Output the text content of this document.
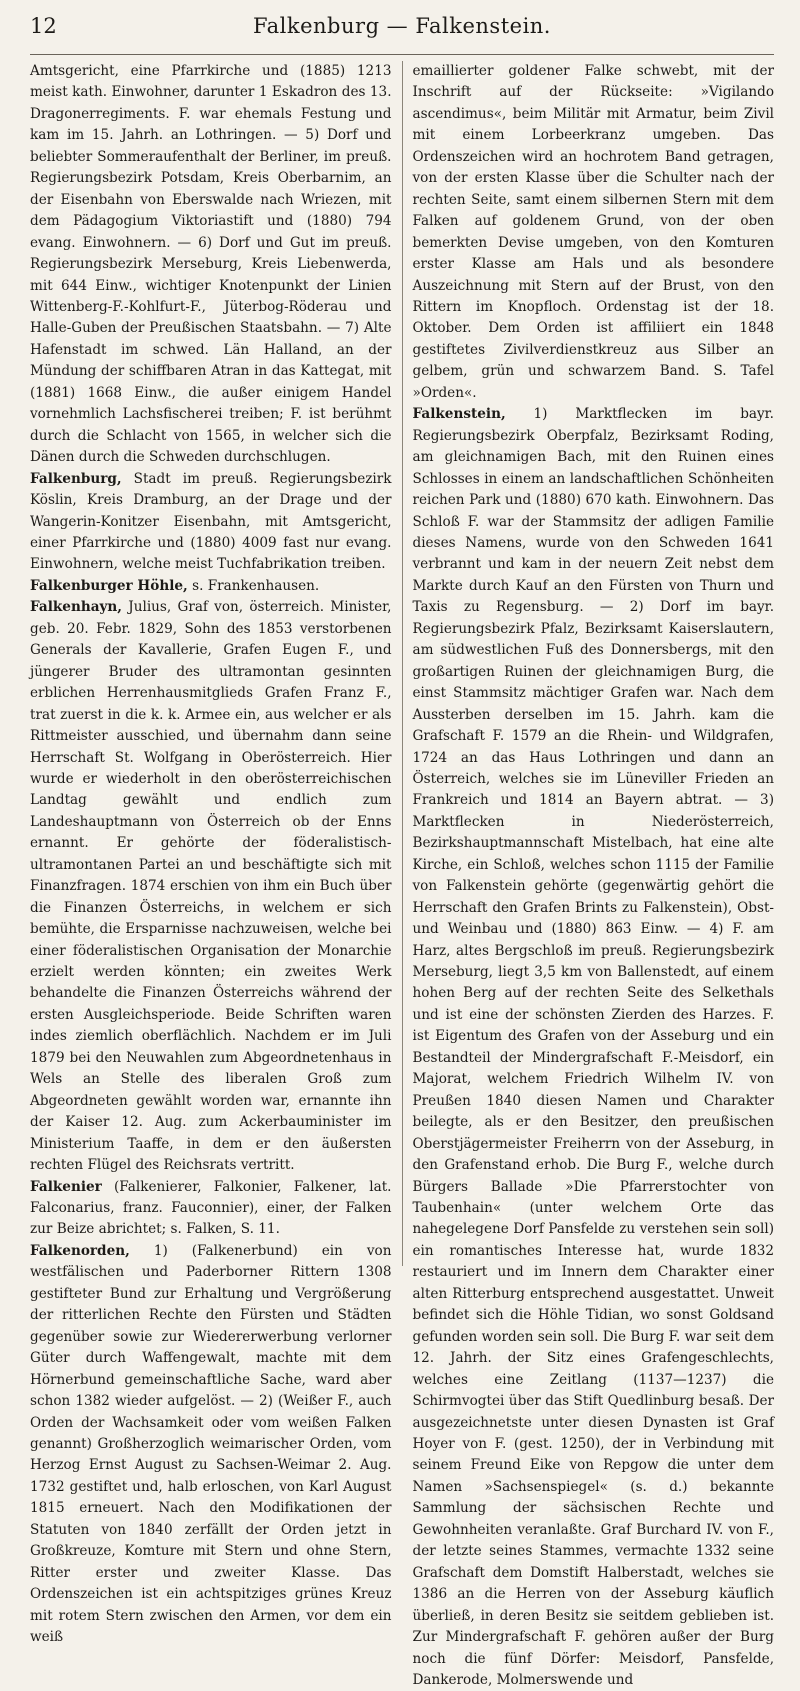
12	Falkenburg — Falkenstein.

Amtsgericht, eine Pfarrkirche und (1885) 1213 meist kath. Einwohner, darunter 1 Eskadron des 13. Dragonerregiments. F. war ehemals Festung und kam im 15. Jahrh. an Lothringen. — 5) Dorf und beliebter Sommeraufenthalt der Berliner, im preuß. Regierungsbezirk Potsdam, Kreis Oberbarnim, an der Eisenbahn von Eberswalde nach Wriezen, mit dem Pädagogium Viktoriastift und (1880) 794 evang. Einwohnern. — 6) Dorf und Gut im preuß. Regierungsbezirk Merseburg, Kreis Liebenwerda, mit 644 Einw., wichtiger Knotenpunkt der Linien Wittenberg-F.-Kohlfurt-F., Jüterbog-Röderau und Halle-Guben der Preußischen Staatsbahn. — 7) Alte Hafenstadt im schwed. Län Halland, an der Mündung der schiffbaren Atran in das Kattegat, mit (1881) 1668 Einw., die außer einigem Handel vornehmlich Lachsfischerei treiben; F. ist berühmt durch die Schlacht von 1565, in welcher sich die Dänen durch die Schweden durchschlugen.

Falkenburg, Stadt im preuß. Regierungsbezirk Köslin, Kreis Dramburg, an der Drage und der Wangerin-Konitzer Eisenbahn, mit Amtsgericht, einer Pfarrkirche und (1880) 4009 fast nur evang. Einwohnern, welche meist Tuchfabrikation treiben.

Falkenburger Höhle, s. Frankenhausen.

Falkenhayn, Julius, Graf von, österreich. Minister, geb. 20. Febr. 1829, Sohn des 1853 verstorbenen Generals der Kavallerie, Grafen Eugen F., und jüngerer Bruder des ultramontan gesinnten erblichen Herrenhausmitglieds Grafen Franz F., trat zuerst in die k. k. Armee ein, aus welcher er als Rittmeister ausschied, und übernahm dann seine Herrschaft St. Wolfgang in Oberösterreich. Hier wurde er wiederholt in den oberösterreichischen Landtag gewählt und endlich zum Landeshauptmann von Österreich ob der Enns ernannt. Er gehörte der föderalistisch-ultramontanen Partei an und beschäftigte sich mit Finanzfragen. 1874 erschien von ihm ein Buch über die Finanzen Österreichs, in welchem er sich bemühte, die Ersparnisse nachzuweisen, welche bei einer föderalistischen Organisation der Monarchie erzielt werden könnten; ein zweites Werk behandelte die Finanzen Österreichs während der ersten Ausgleichsperiode. Beide Schriften waren indes ziemlich oberflächlich. Nachdem er im Juli 1879 bei den Neuwahlen zum Abgeordnetenhaus in Wels an Stelle des liberalen Groß zum Abgeordneten gewählt worden war, ernannte ihn der Kaiser 12. Aug. zum Ackerbauminister im Ministerium Taaffe, in dem er den äußersten rechten Flügel des Reichsrats vertritt.

Falkenier (Falkenierer, Falkonier, Falkener, lat. Falconarius, franz. Fauconnier), einer, der Falken zur Beize abrichtet; s. Falken, S. 11.

Falkenorden, 1) (Falkenerbund) ein von westfälischen und Paderborner Rittern 1308 gestifteter Bund zur Erhaltung und Vergrößerung der ritterlichen Rechte den Fürsten und Städten gegenüber sowie zur Wiedererwerbung verlorner Güter durch Waffengewalt, machte mit dem Hörnerbund gemeinschaftliche Sache, ward aber schon 1382 wieder aufgelöst. — 2) (Weißer F., auch Orden der Wachsamkeit oder vom weißen Falken genannt) Großherzoglich weimarischer Orden, vom Herzog Ernst August zu Sachsen-Weimar 2. Aug. 1732 gestiftet und, halb erloschen, von Karl August 1815 erneuert. Nach den Modifikationen der Statuten von 1840 zerfällt der Orden jetzt in Großkreuze, Komture mit Stern und ohne Stern, Ritter erster und zweiter Klasse. Das Ordenszeichen ist ein achtspitziges grünes Kreuz mit rotem Stern zwischen den Armen, vor dem ein weiß

emaillierter goldener Falke schwebt, mit der Inschrift auf der Rückseite: »Vigilando ascendimus«, beim Militär mit Armatur, beim Zivil mit einem Lorbeerkranz umgeben. Das Ordenszeichen wird an hochrotem Band getragen, von der ersten Klasse über die Schulter nach der rechten Seite, samt einem silbernen Stern mit dem Falken auf goldenem Grund, von der oben bemerkten Devise umgeben, von den Komturen erster Klasse am Hals und als besondere Auszeichnung mit Stern auf der Brust, von den Rittern im Knopfloch. Ordenstag ist der 18. Oktober. Dem Orden ist affiliiert ein 1848 gestiftetes Zivilverdienstkreuz aus Silber an gelbem, grün und schwarzem Band. S. Tafel »Orden«.

Falkenstein, 1) Marktflecken im bayr. Regierungsbezirk Oberpfalz, Bezirksamt Roding, am gleichnamigen Bach, mit den Ruinen eines Schlosses in einem an landschaftlichen Schönheiten reichen Park und (1880) 670 kath. Einwohnern. Das Schloß F. war der Stammsitz der adligen Familie dieses Namens, wurde von den Schweden 1641 verbrannt und kam in der neuern Zeit nebst dem Markte durch Kauf an den Fürsten von Thurn und Taxis zu Regensburg. — 2) Dorf im bayr. Regierungsbezirk Pfalz, Bezirksamt Kaiserslautern, am südwestlichen Fuß des Donnersbergs, mit den großartigen Ruinen der gleichnamigen Burg, die einst Stammsitz mächtiger Grafen war. Nach dem Aussterben derselben im 15. Jahrh. kam die Grafschaft F. 1579 an die Rhein- und Wildgrafen, 1724 an das Haus Lothringen und dann an Österreich, welches sie im Lüneviller Frieden an Frankreich und 1814 an Bayern abtrat. — 3) Marktflecken in Niederösterreich, Bezirkshauptmannschaft Mistelbach, hat eine alte Kirche, ein Schloß, welches schon 1115 der Familie von Falkenstein gehörte (gegenwärtig gehört die Herrschaft den Grafen Brints zu Falkenstein), Obst- und Weinbau und (1880) 863 Einw. — 4) F. am Harz, altes Bergschloß im preuß. Regierungsbezirk Merseburg, liegt 3,5 km von Ballenstedt, auf einem hohen Berg auf der rechten Seite des Selkethals und ist eine der schönsten Zierden des Harzes. F. ist Eigentum des Grafen von der Asseburg und ein Bestandteil der Mindergrafschaft F.-Meisdorf, ein Majorat, welchem Friedrich Wilhelm IV. von Preußen 1840 diesen Namen und Charakter beilegte, als er den Besitzer, den preußischen Oberstjägermeister Freiherrn von der Asseburg, in den Grafenstand erhob. Die Burg F., welche durch Bürgers Ballade »Die Pfarrerstochter von Taubenhain« (unter welchem Orte das nahegelegene Dorf Pansfelde zu verstehen sein soll) ein romantisches Interesse hat, wurde 1832 restauriert und im Innern dem Charakter einer alten Ritterburg entsprechend ausgestattet. Unweit befindet sich die Höhle Tidian, wo sonst Goldsand gefunden worden sein soll. Die Burg F. war seit dem 12. Jahrh. der Sitz eines Grafengeschlechts, welches eine Zeitlang (1137—1237) die Schirmvogtei über das Stift Quedlinburg besaß. Der ausgezeichnetste unter diesen Dynasten ist Graf Hoyer von F. (gest. 1250), der in Verbindung mit seinem Freund Eike von Repgow die unter dem Namen »Sachsenspiegel« (s. d.) bekannte Sammlung der sächsischen Rechte und Gewohnheiten veranlaßte. Graf Burchard IV. von F., der letzte seines Stammes, vermachte 1332 seine Grafschaft dem Domstift Halberstadt, welches sie 1386 an die Herren von der Asseburg käuflich überließ, in deren Besitz sie seitdem geblieben ist. Zur Mindergrafschaft F. gehören außer der Burg noch die fünf Dörfer: Meisdorf, Pansfelde, Dankerode, Molmerswende und
